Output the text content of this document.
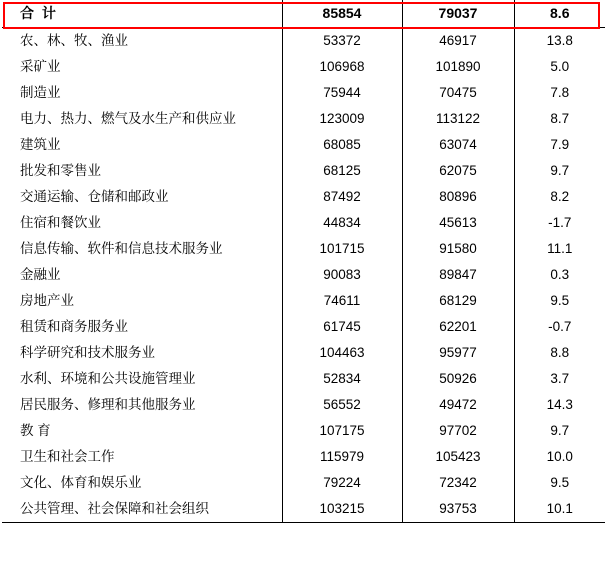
合 计	85854	79037	8.6
农、林、牧、渔业	53372	46917	13.8
采矿业	106968	101890	5.0
制造业	75944	70475	7.8
电力、热力、燃气及水生产和供应业	123009	113122	8.7
建筑业	68085	63074	7.9
批发和零售业	68125	62075	9.7
交通运输、仓储和邮政业	87492	80896	8.2
住宿和餐饮业	44834	45613	-1.7
信息传输、软件和信息技术服务业	101715	91580	11.1
金融业	90083	89847	0.3
房地产业	74611	68129	9.5
租赁和商务服务业	61745	62201	-0.7
科学研究和技术服务业	104463	95977	8.8
水利、环境和公共设施管理业	52834	50926	3.7
居民服务、修理和其他服务业	56552	49472	14.3
教 育	107175	97702	9.7
卫生和社会工作	115979	105423	10.0
文化、体育和娱乐业	79224	72342	9.5
公共管理、社会保障和社会组织	103215	93753	10.1
